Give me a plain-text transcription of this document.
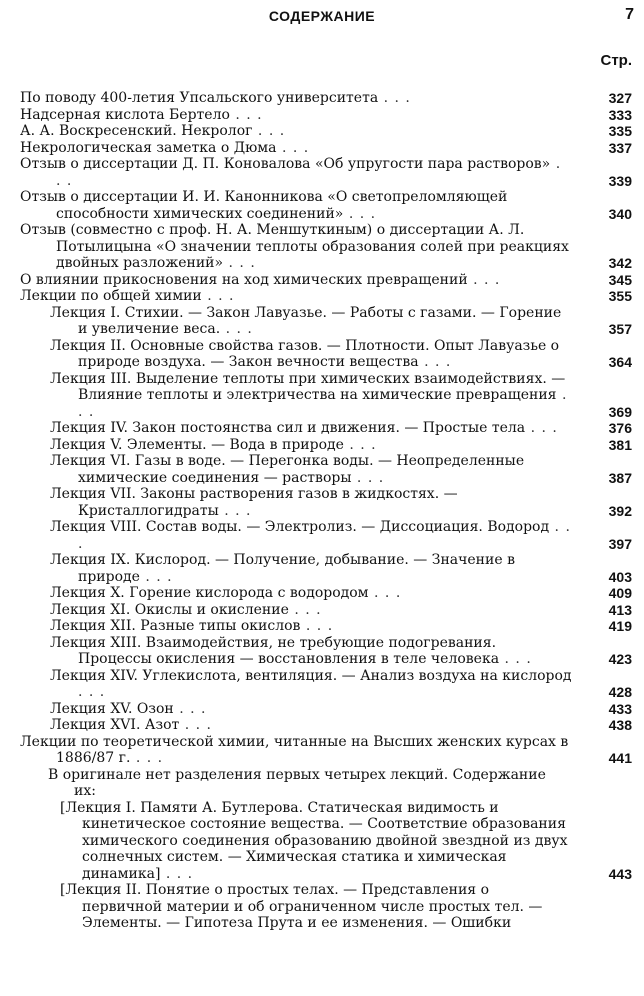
СОДЕРЖАНИЕ	7
Стр.
По поводу 400-летия Упсальского университета . . .	327
Надсерная кислота Бертело . . .	333
А. А. Воскресенский. Некролог . . .	335
Некрологическая заметка о Дюма . . .	337
Отзыв о диссертации Д. П. Коновалова «Об упругости пара растворов» . . .	339
Отзыв о диссертации И. И. Канонникова «О светопреломляющей способности химических соединений» . . .	340
Отзыв (совместно с проф. Н. А. Меншуткиным) о диссертации А. Л. Потылицына «О значении теплоты образования солей при реакциях двойных разложений» . . .	342
О влиянии прикосновения на ход химических превращений . . .	345
Лекции по общей химии . . .	355
Лекция I. Стихии. — Закон Лавуазье. — Работы с газами. — Горение и увеличение веса. . . .	357
Лекция II. Основные свойства газов. — Плотности. Опыт Лавуазье о природе воздуха. — Закон вечности вещества . . .	364
Лекция III. Выделение теплоты при химических взаимодействиях. — Влияние теплоты и электричества на химические превращения . . .	369
Лекция IV. Закон постоянства сил и движения. — Простые тела . . .	376
Лекция V. Элементы. — Вода в природе . . .	381
Лекция VI. Газы в воде. — Перегонка воды. — Неопределенные химические соединения — растворы . . .	387
Лекция VII. Законы растворения газов в жидкостях. — Кристаллогидраты . . .	392
Лекция VIII. Состав воды. — Электролиз. — Диссоциация. Водород . . .	397
Лекция IX. Кислород. — Получение, добывание. — Значение в природе . . .	403
Лекция X. Горение кислорода с водородом . . .	409
Лекция XI. Окислы и окисление . . .	413
Лекция XII. Разные типы окислов . . .	419
Лекция XIII. Взаимодействия, не требующие подогревания. Процессы окисления — восстановления в теле человека . . .	423
Лекция XIV. Углекислота, вентиляция. — Анализ воздуха на кислород . . .	428
Лекция XV. Озон . . .	433
Лекция XVI. Азот . . .	438
Лекции по теоретической химии, читанные на Высших женских курсах в 1886/87 г. . . .	441
В оригинале нет разделения первых четырех лекций. Содержание их:
[Лекция I. Памяти А. Бутлерова. Статическая видимость и кинетическое состояние вещества. — Соответствие образования химического соединения образованию двойной звездной из двух солнечных систем. — Химическая статика и химическая динамика] . . .	443
[Лекция II. Понятие о простых телах. — Представления о первичной материи и об ограниченном числе простых тел. — Элементы. — Гипотеза Прута и ее изменения. — Ошибки
